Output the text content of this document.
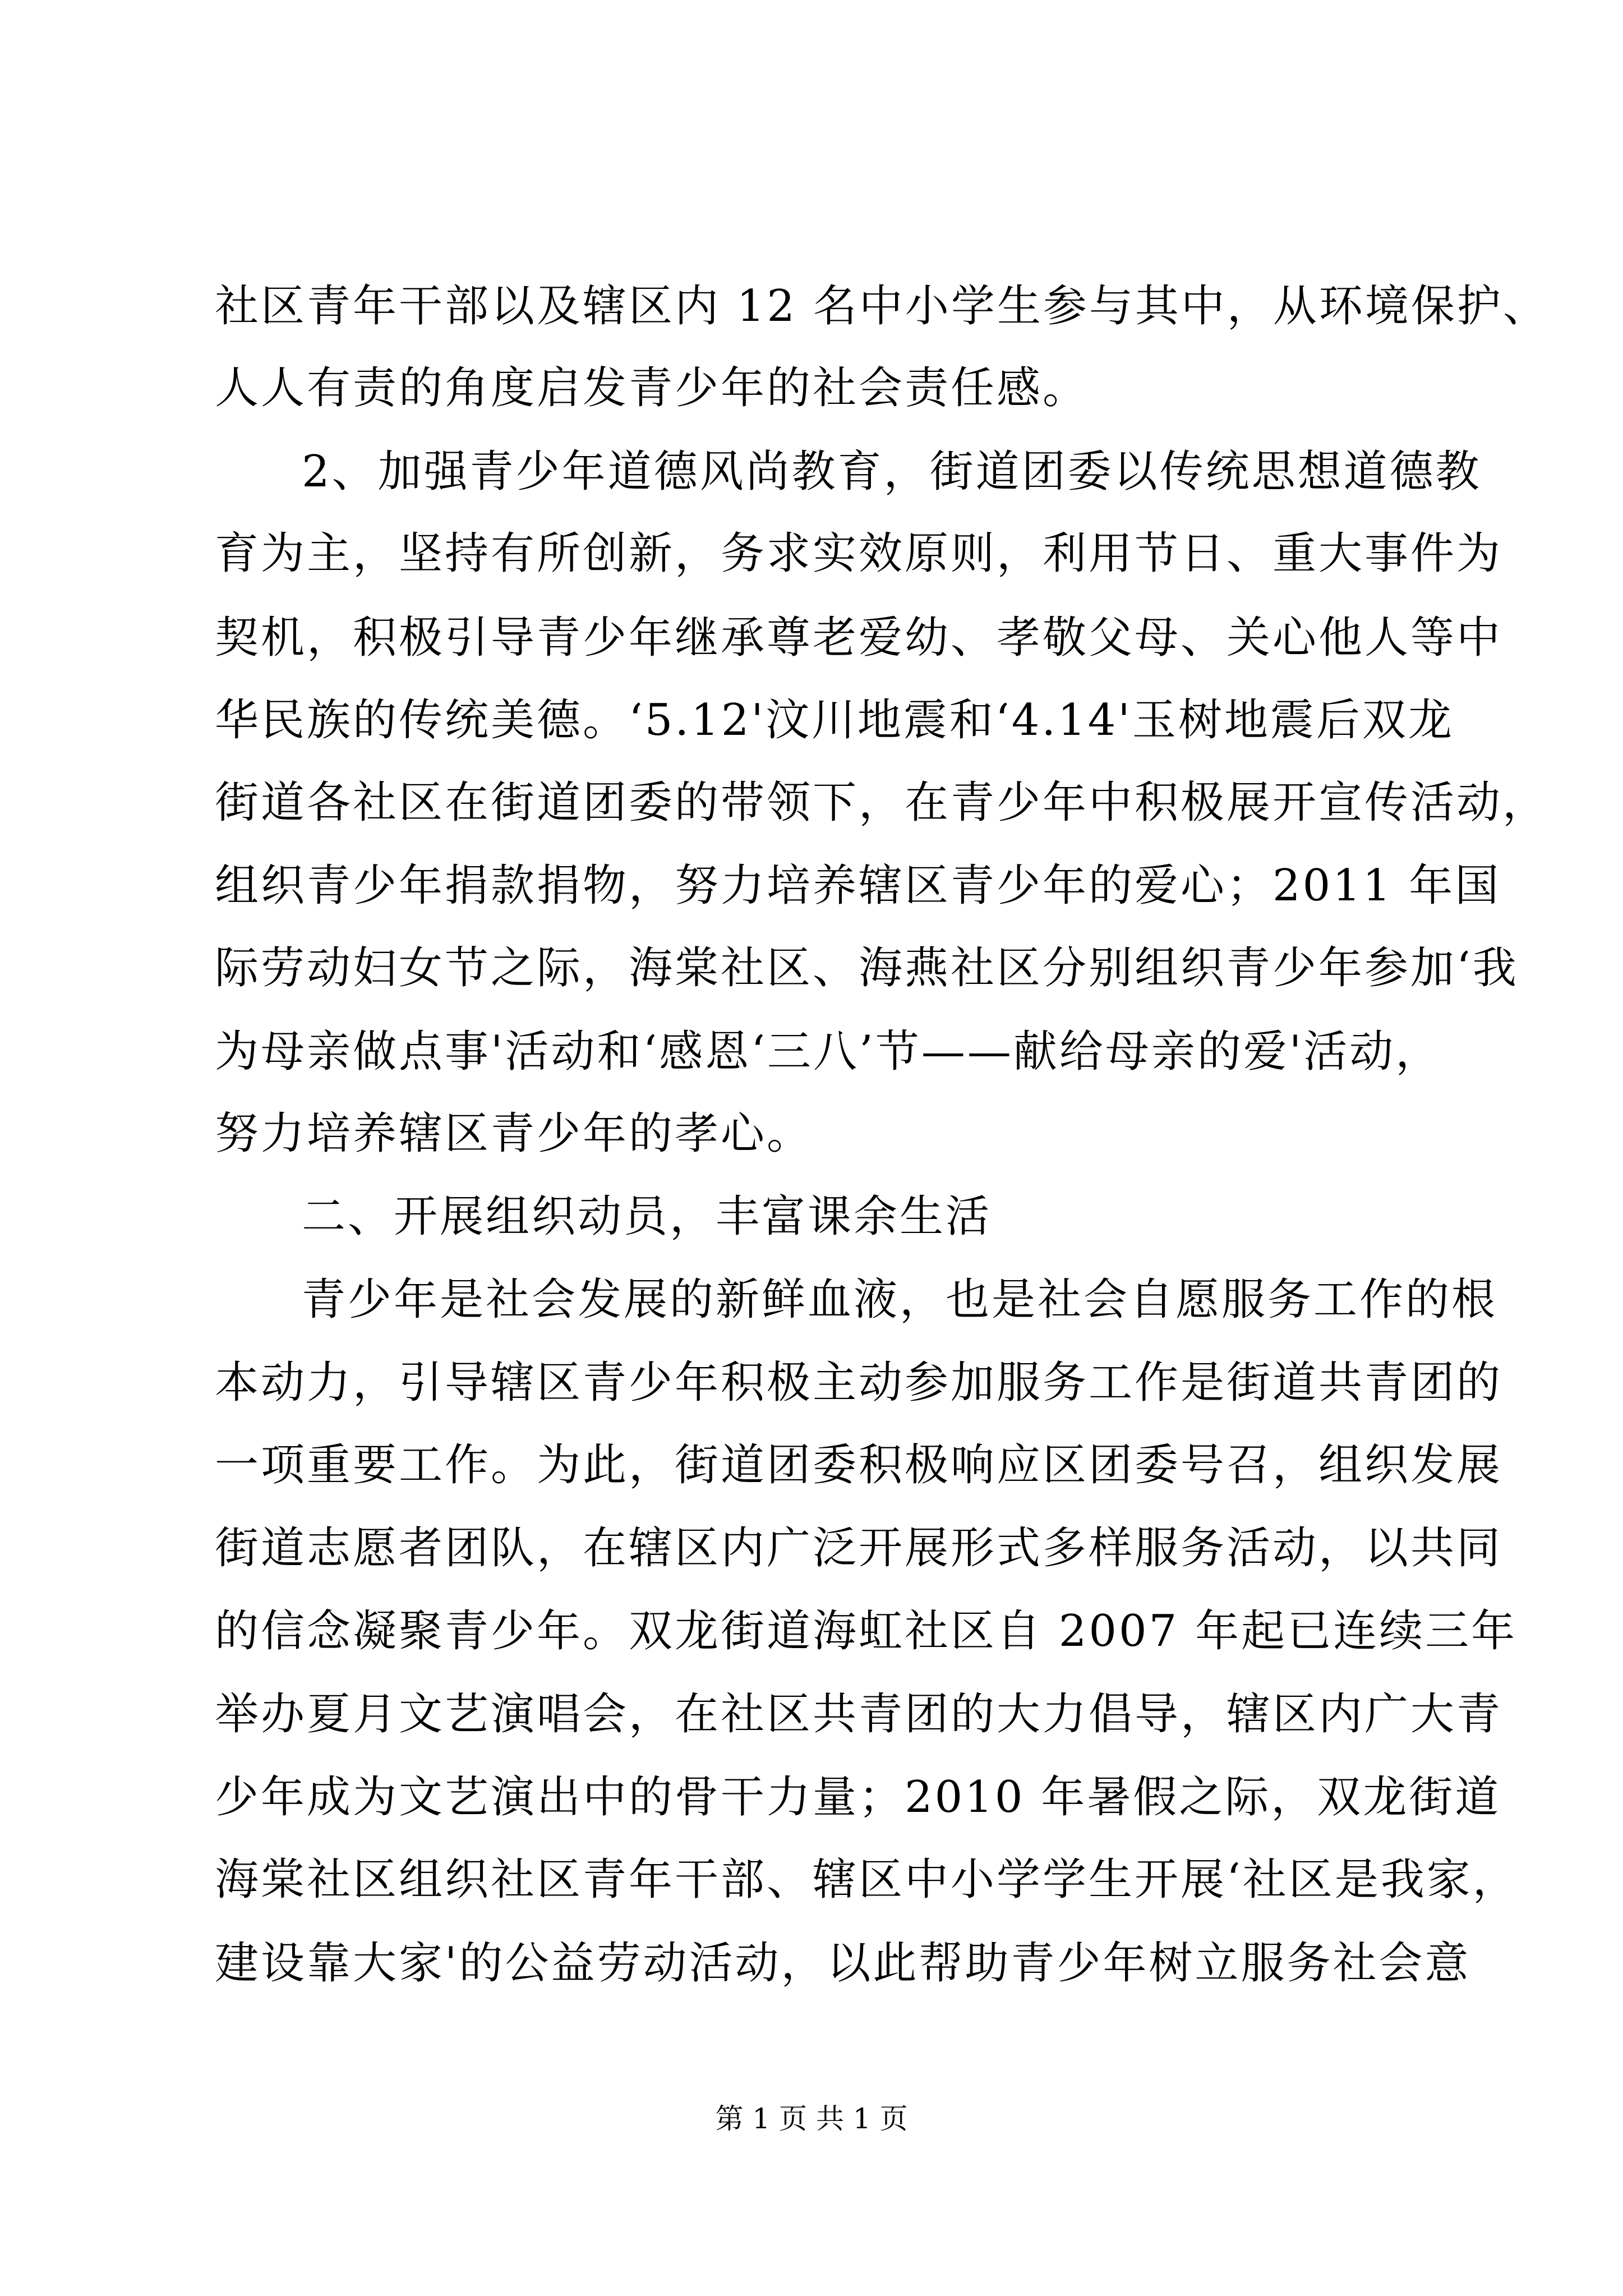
社区青年干部以及辖区内 12 名中小学生参与其中，从环境保护、
人人有责的角度启发青少年的社会责任感。
2、加强青少年道德风尚教育，街道团委以传统思想道德教
育为主，坚持有所创新，务求实效原则，利用节日、重大事件为
契机，积极引导青少年继承尊老爱幼、孝敬父母、关心他人等中
华民族的传统美德。‘5.12'汶川地震和‘4.14'玉树地震后双龙
街道各社区在街道团委的带领下，在青少年中积极展开宣传活动，
组织青少年捐款捐物，努力培养辖区青少年的爱心；2011 年国
际劳动妇女节之际，海棠社区、海燕社区分别组织青少年参加‘我
为母亲做点事'活动和‘感恩‘三八’节——献给母亲的爱'活动，
努力培养辖区青少年的孝心。
二、开展组织动员，丰富课余生活
青少年是社会发展的新鲜血液，也是社会自愿服务工作的根
本动力，引导辖区青少年积极主动参加服务工作是街道共青团的
一项重要工作。为此，街道团委积极响应区团委号召，组织发展
街道志愿者团队，在辖区内广泛开展形式多样服务活动，以共同
的信念凝聚青少年。双龙街道海虹社区自 2007 年起已连续三年
举办夏月文艺演唱会，在社区共青团的大力倡导，辖区内广大青
少年成为文艺演出中的骨干力量；2010 年暑假之际，双龙街道
海棠社区组织社区青年干部、辖区中小学学生开展‘社区是我家，
建设靠大家'的公益劳动活动，以此帮助青少年树立服务社会意
第 1 页 共 1 页
